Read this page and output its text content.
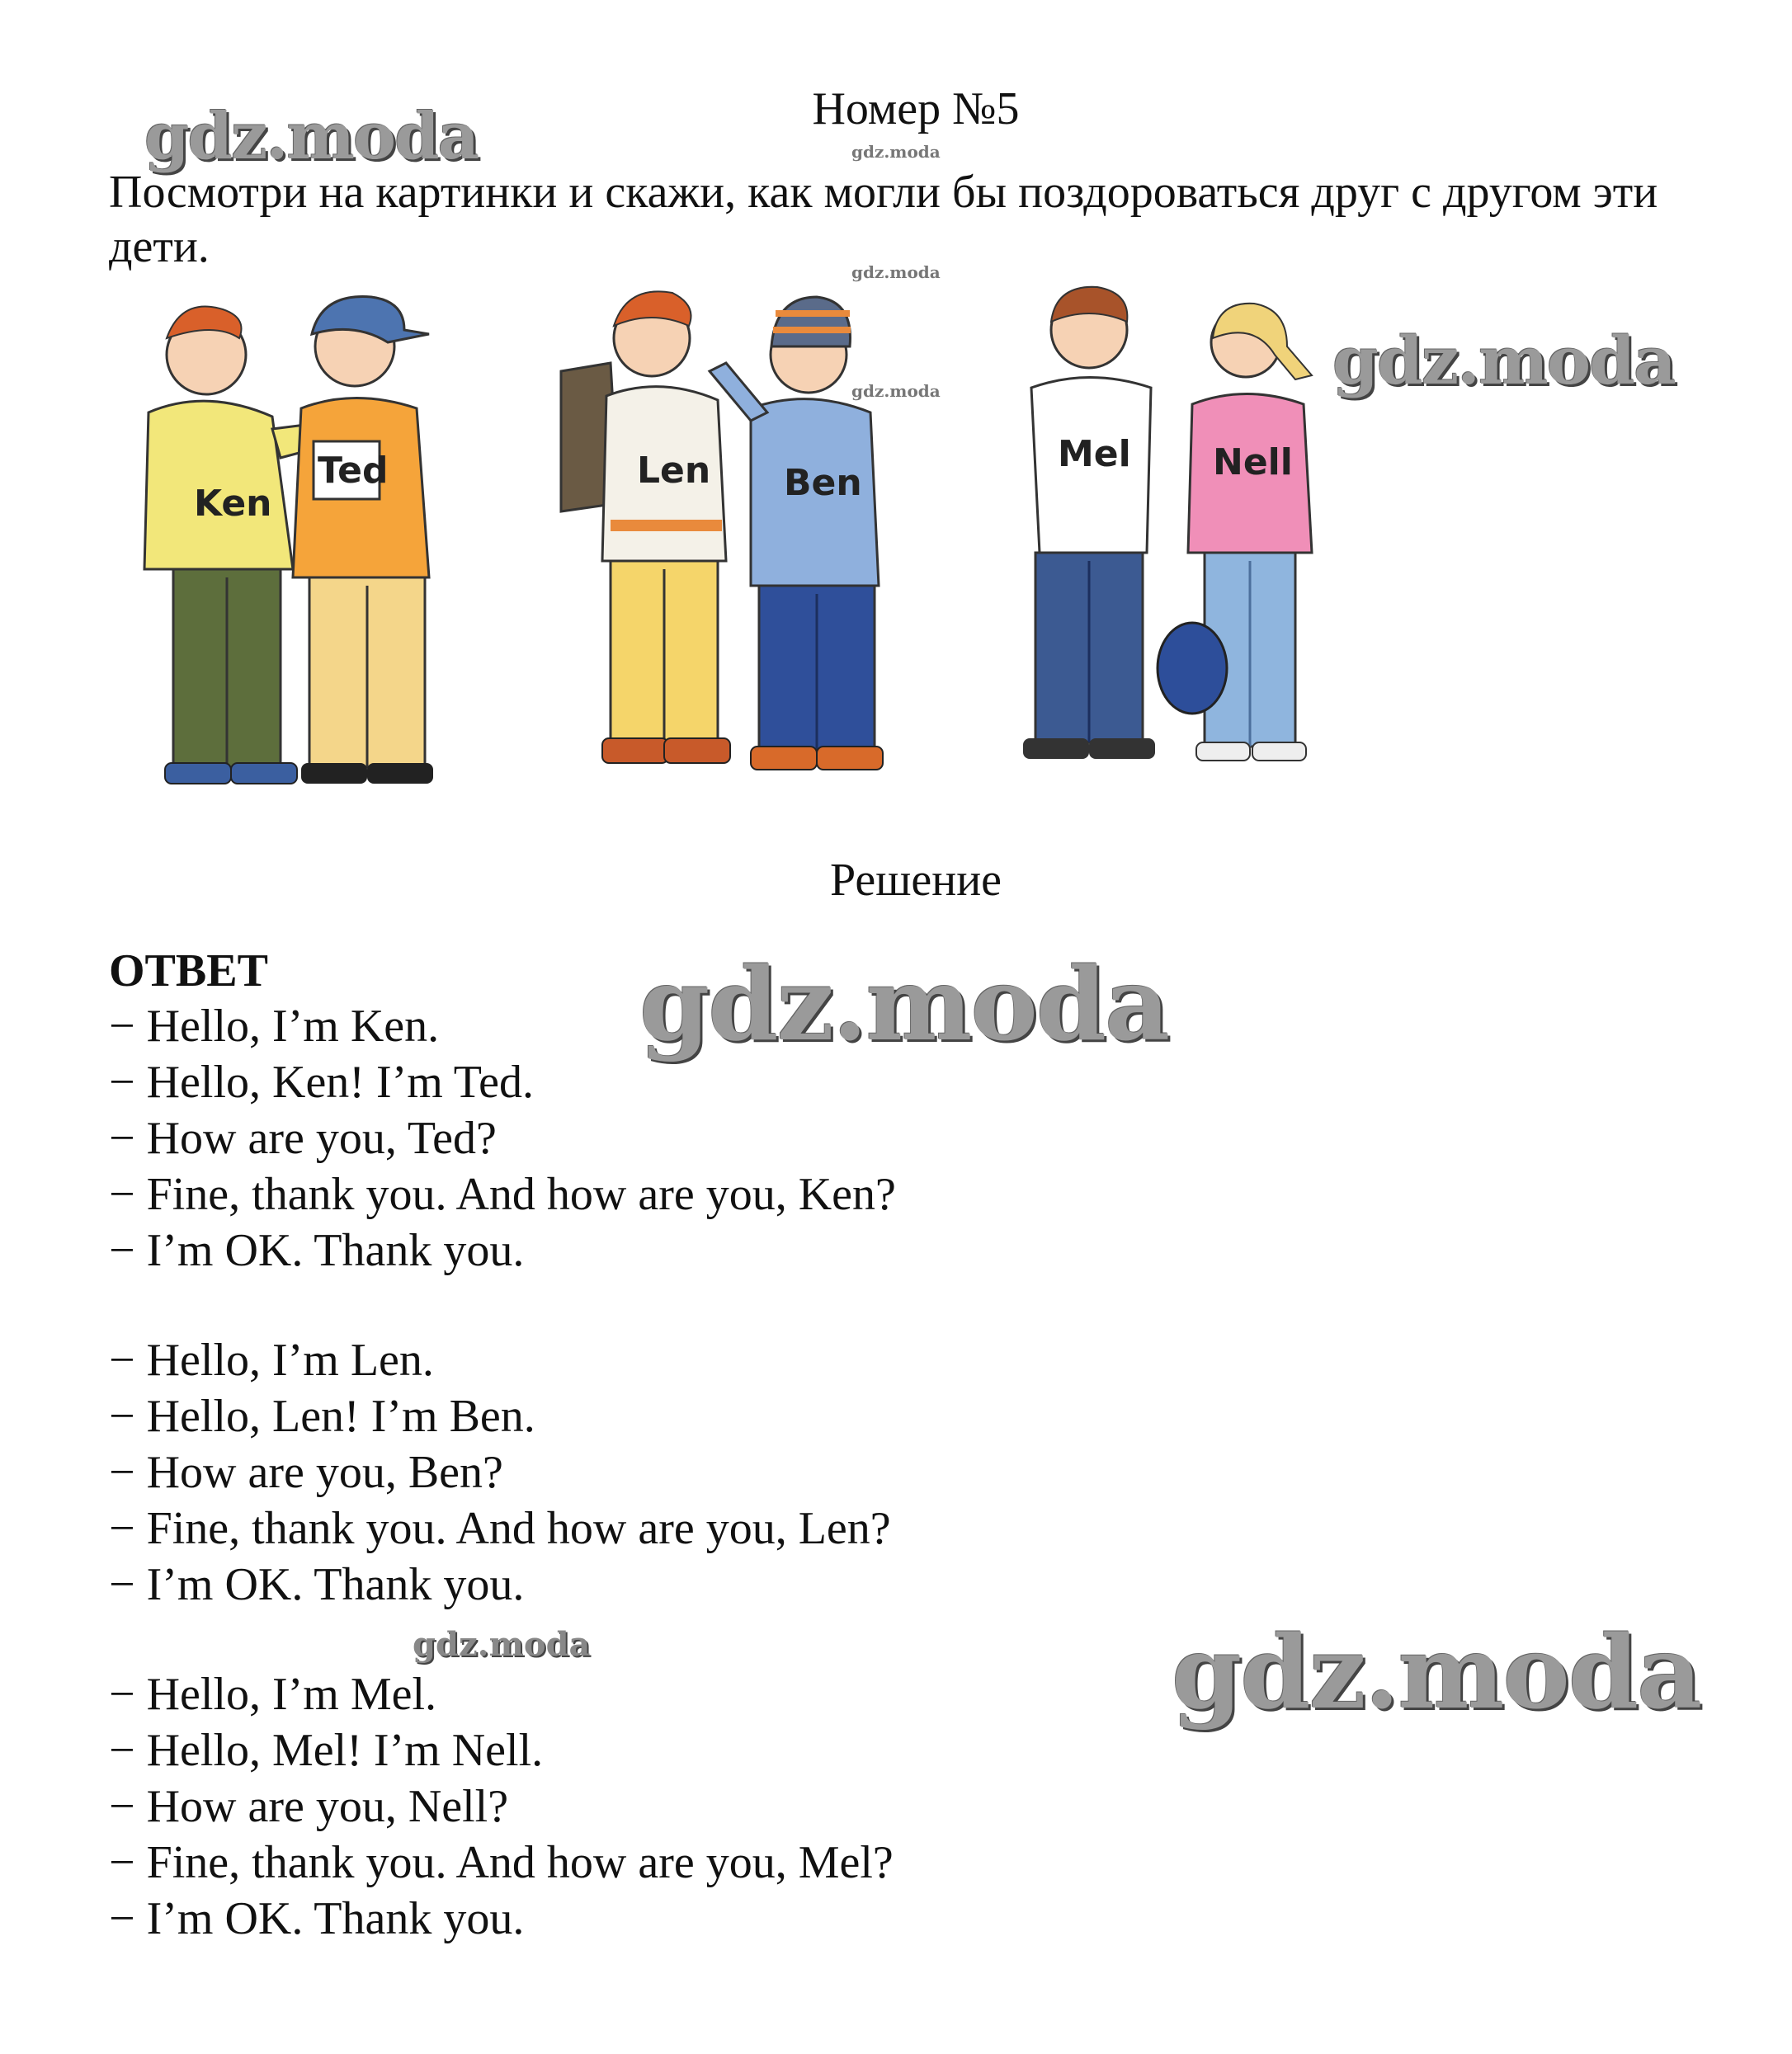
Номер №5
gdz.moda	gdz.moda
gdz.moda
gdz.moda	gdz.moda
gdz.moda
gdz.moda	gdz.moda
Посмотри на картинки и скажи, как могли бы поздороваться друг с другом эти дети.
Ken
Ted	Len Ben
Mel Nell
Решение
ОТВЕТ
− Hello, I’m Ken.
− Hello, Ken! I’m Ted.
− How are you, Ted?
− Fine, thank you. And how are you, Ken?
− I’m OK. Thank you.
− Hello, I’m Len.
− Hello, Len! I’m Ben.
− How are you, Ben?
− Fine, thank you. And how are you, Len?
− I’m OK. Thank you.
− Hello, I’m Mel.
− Hello, Mel! I’m Nell.
− How are you, Nell?
− Fine, thank you. And how are you, Mel?
− I’m OK. Thank you.
